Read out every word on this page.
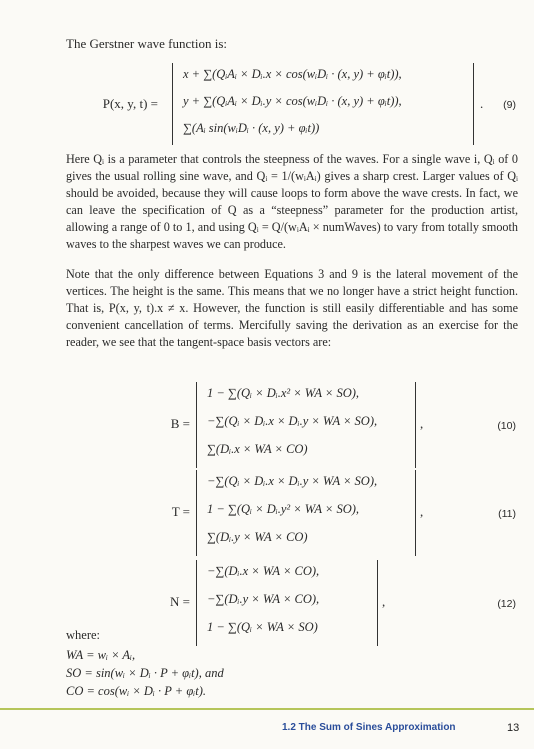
The Gerstner wave function is:
P(x, y, t) =
x + ∑(QᵢAᵢ × Dᵢ.x × cos(wᵢDᵢ · (x, y) + φᵢt)),
y + ∑(QᵢAᵢ × Dᵢ.y × cos(wᵢDᵢ · (x, y) + φᵢt)),
∑(Aᵢ sin(wᵢDᵢ · (x, y) + φᵢt))
. (9)
Here Qᵢ is a parameter that controls the steepness of the waves. For a single wave i, Qᵢ of 0 gives the usual rolling sine wave, and Qᵢ = 1/(wᵢAᵢ) gives a sharp crest. Larger values of Qᵢ should be avoided, because they will cause loops to form above the wave crests. In fact, we can leave the specification of Q as a “steepness” parameter for the production artist, allowing a range of 0 to 1, and using Qᵢ = Q/(wᵢAᵢ × numWaves) to vary from totally smooth waves to the sharpest waves we can produce.
Note that the only difference between Equations 3 and 9 is the lateral movement of the vertices. The height is the same. This means that we no longer have a strict height function. That is, P(x, y, t).x ≠ x. However, the function is still easily differentiable and has some convenient cancellation of terms. Mercifully saving the derivation as an exercise for the reader, we see that the tangent-space basis vectors are:
B =
1 − ∑(Qᵢ × Dᵢ.x² × WA × SO),
−∑(Qᵢ × Dᵢ.x × Dᵢ.y × WA × SO),
∑(Dᵢ.x × WA × CO)
,	(10)
T =
−∑(Qᵢ × Dᵢ.x × Dᵢ.y × WA × SO),
1 − ∑(Qᵢ × Dᵢ.y² × WA × SO),
∑(Dᵢ.y × WA × CO)
,	(11)
N =
−∑(Dᵢ.x × WA × CO),
−∑(Dᵢ.y × WA × CO),
1 − ∑(Qᵢ × WA × SO)
,	(12)
1.2 The Sum of Sines Approximation	13
where:
WA = wᵢ × Aᵢ,
SO = sin(wᵢ × Dᵢ · P + φᵢt), and
CO = cos(wᵢ × Dᵢ · P + φᵢt).
